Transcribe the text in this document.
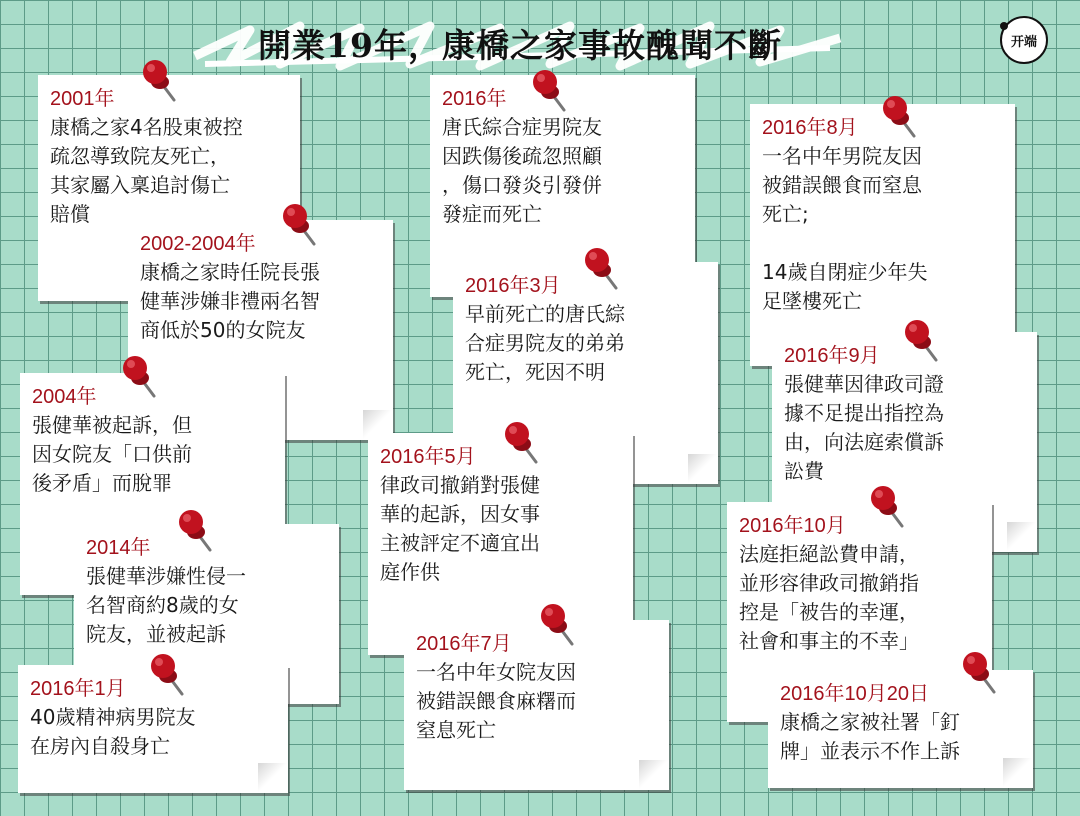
開業19年，康橋之家事故醜聞不斷	开端
2001年
康橋之家4名股東被控
疏忽導致院友死亡，
其家屬入稟追討傷亡
賠償
2016年
唐氏綜合症男院友
因跌傷後疏忽照顧
，傷口發炎引發併
發症而死亡
2016年8月
一名中年男院友因
被錯誤餵食而窒息
死亡;

14歲自閉症少年失
足墜樓死亡
2002-2004年
康橋之家時任院長張
健華涉嫌非禮兩名智
商低於50的女院友
2016年3月
早前死亡的唐氏綜
合症男院友的弟弟
死亡，死因不明
2016年9月
張健華因律政司證
據不足提出指控為
由，向法庭索償訴
訟費
2004年
張健華被起訴，但
因女院友「口供前
後矛盾」而脫罪
2016年5月
律政司撤銷對張健
華的起訴，因女事
主被評定不適宜出
庭作供
2016年10月
法庭拒絕訟費申請，
並形容律政司撤銷指
控是「被告的幸運，
社會和事主的不幸」
2014年
張健華涉嫌性侵一
名智商約8歲的女
院友，並被起訴	2016年7月
一名中年女院友因
被錯誤餵食麻糬而
窒息死亡
2016年1月
40歲精神病男院友
在房內自殺身亡
2016年10月20日
康橋之家被社署「釘
牌」並表示不作上訴
